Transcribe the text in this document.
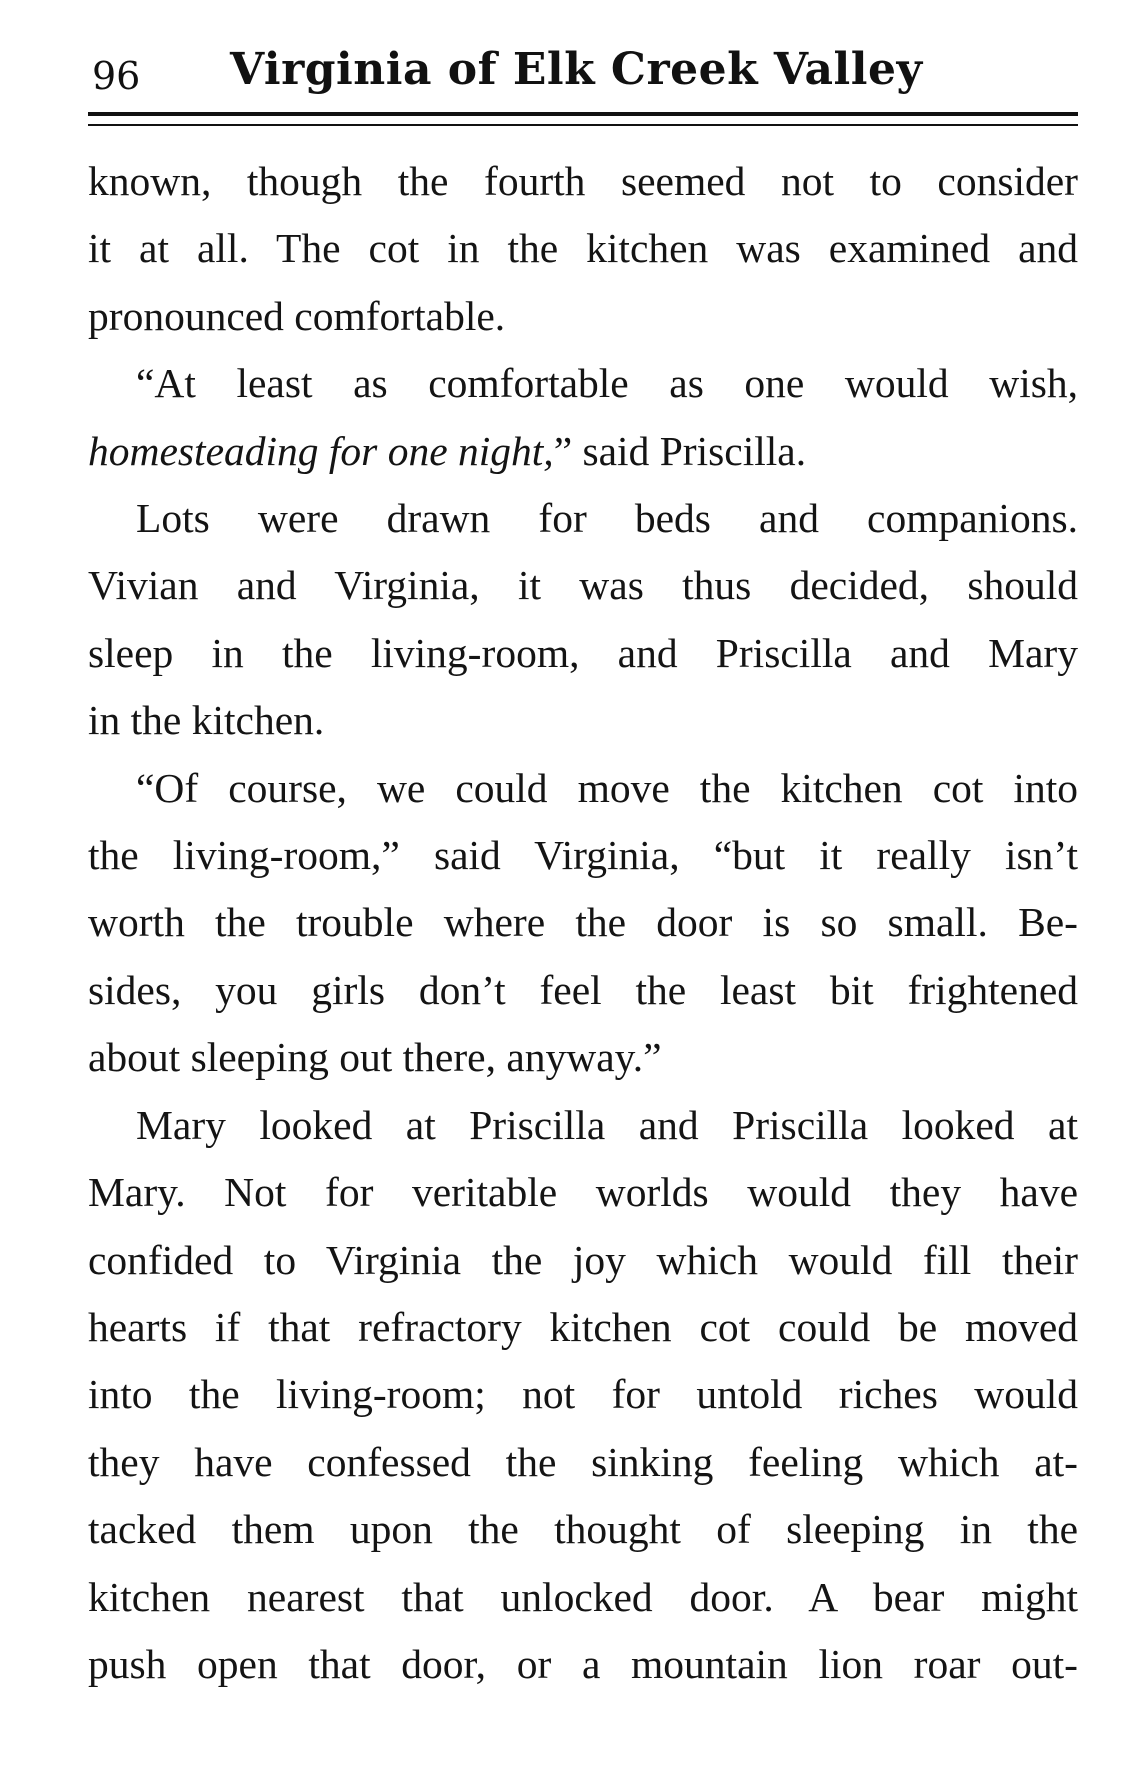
96 Virginia of Elk Creek Valley
known, though the fourth seemed not to consider
it at all. The cot in the kitchen was examined and
pronounced comfortable.
“At least as comfortable as one would wish,
homesteading for one night,” said Priscilla.
Lots were drawn for beds and companions.
Vivian and Virginia, it was thus decided, should
sleep in the living-room, and Priscilla and Mary
in the kitchen.
“Of course, we could move the kitchen cot into
the living-room,” said Virginia, “but it really isn’t
worth the trouble where the door is so small. Be-
sides, you girls don’t feel the least bit frightened
about sleeping out there, anyway.”
Mary looked at Priscilla and Priscilla looked at
Mary. Not for veritable worlds would they have
confided to Virginia the joy which would fill their
hearts if that refractory kitchen cot could be moved
into the living-room; not for untold riches would
they have confessed the sinking feeling which at-
tacked them upon the thought of sleeping in the
kitchen nearest that unlocked door. A bear might
push open that door, or a mountain lion roar out-
